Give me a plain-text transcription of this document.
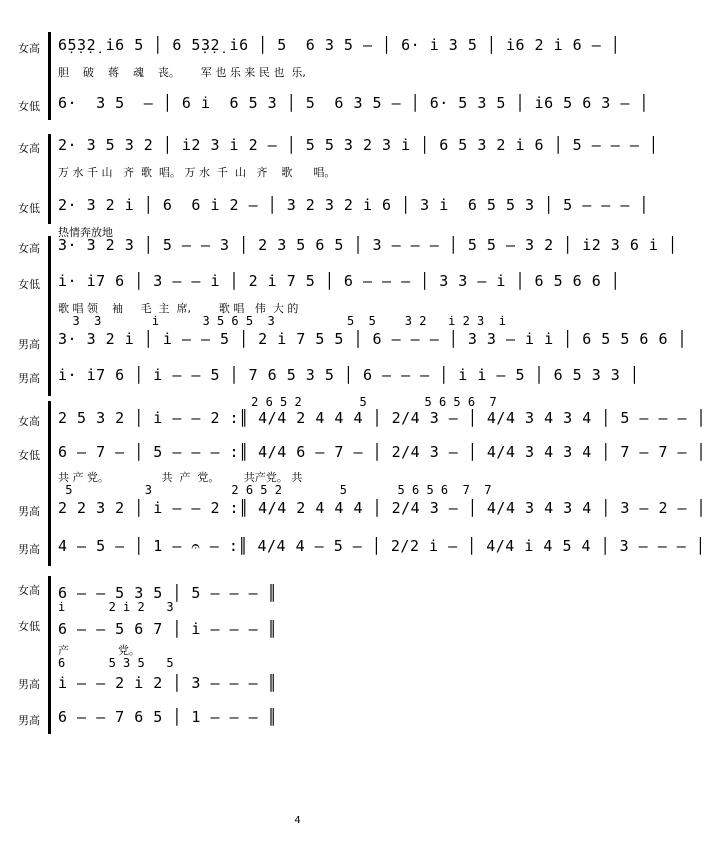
女高 6̣5̣3̣2̣ i̇6 5 │ 6 5̣3̣2̣ i̇6 │ 5  6 3 5 — │ 6· i̇ 3 5 │ i̇6 2 i̇ 6 — │
胆    破    蒋    魂    丧。      军 也 乐 来 民 也  乐,
女低 6·  3 5  — │ 6 i̇  6 5 3 │ 5  6 3 5 — │ 6· 5 3 5 │ i̇6 5 6 3 — │
女高 2· 3 5 3 2 │ i̇2 3 i̇ 2 — │ 5 5 3 2 3 i̇ │ 6 5 3 2 i̇ 6 │ 5 — — — │
万 水 千 山   齐  歌  唱。 万 水  千  山   齐    歌      唱。
女低 2· 3 2 i̇ │ 6  6 i̇ 2 — │ 3 2 3 2 i̇ 6 │ 3 i̇  6 5 5 3 │ 5 — — — │
热情奔放地
女高 3· 3 2 3 │ 5 — — 3 │ 2 3 5 6 5 │ 3 — — — │ 5 5 — 3 2 │ i̇2 3 6 i̇ │
女低 i̇· i̇7 6 │ 3 — — i̇ │ 2 i̇ 7 5 │ 6 — — — │ 3 3 — i̇ │ 6 5 6 6 │
歌 唱 领    袖     毛  主  席,        歌 唱   伟  大 的
3  3       i̇      3 5 6 5  3          5  5    3 2   i̇ 2 3  i̇
男高 3· 3 2 i̇ │ i̇ — — 5 │ 2 i̇ 7 5 5 │ 6 — — — │ 3 3 — i̇ i̇ │ 6 5 5 6 6 │
男高 i̇· i̇7 6 │ i̇ — — 5 │ 7 6 5 3 5 │ 6 — — — │ i̇ i̇ — 5 │ 6 5 3 3 │
2 6 5 2        5        5 6 5 6  7
女高 2 5 3 2 │ i̇ — — 2 :║ 4/4 2 4 4 4 │ 2/4 3 — │ 4/4 3 4 3 4 │ 5 — — — │
女低 6 — 7 — │ 5 — — — :║ 4/4 6 — 7 — │ 2/4 3 — │ 4/4 3 4 3 4 │ 7 — 7 — │
共 产 党。               共  产  党。       共产党。 共
5          3           2 6 5 2        5       5 6 5 6  7  7
男高 2 2 3 2 │ i̇ — — 2 :║ 4/4 2 4 4 4 │ 2/4 3 — │ 4/4 3 4 3 4 │ 3 — 2 — │
男高 4 — 5 — │ 1 — 𝄐 — :║ 4/4 4 — 5 — │ 2/2 i̇ — │ 4/4 i̇ 4 5 4 │ 3 — — — │
女高 6 — — 5 3 5 │ 5 — — — ║
i̇      2 i̇ 2   3
女低 6 — — 5 6 7 │ i̇ — — — ║
产              党。
6      5 3 5   5
男高 i̇ — — 2 i̇ 2 │ 3 — — — ║
男高 6 — — 7 6 5 │ 1 — — — ║
4
